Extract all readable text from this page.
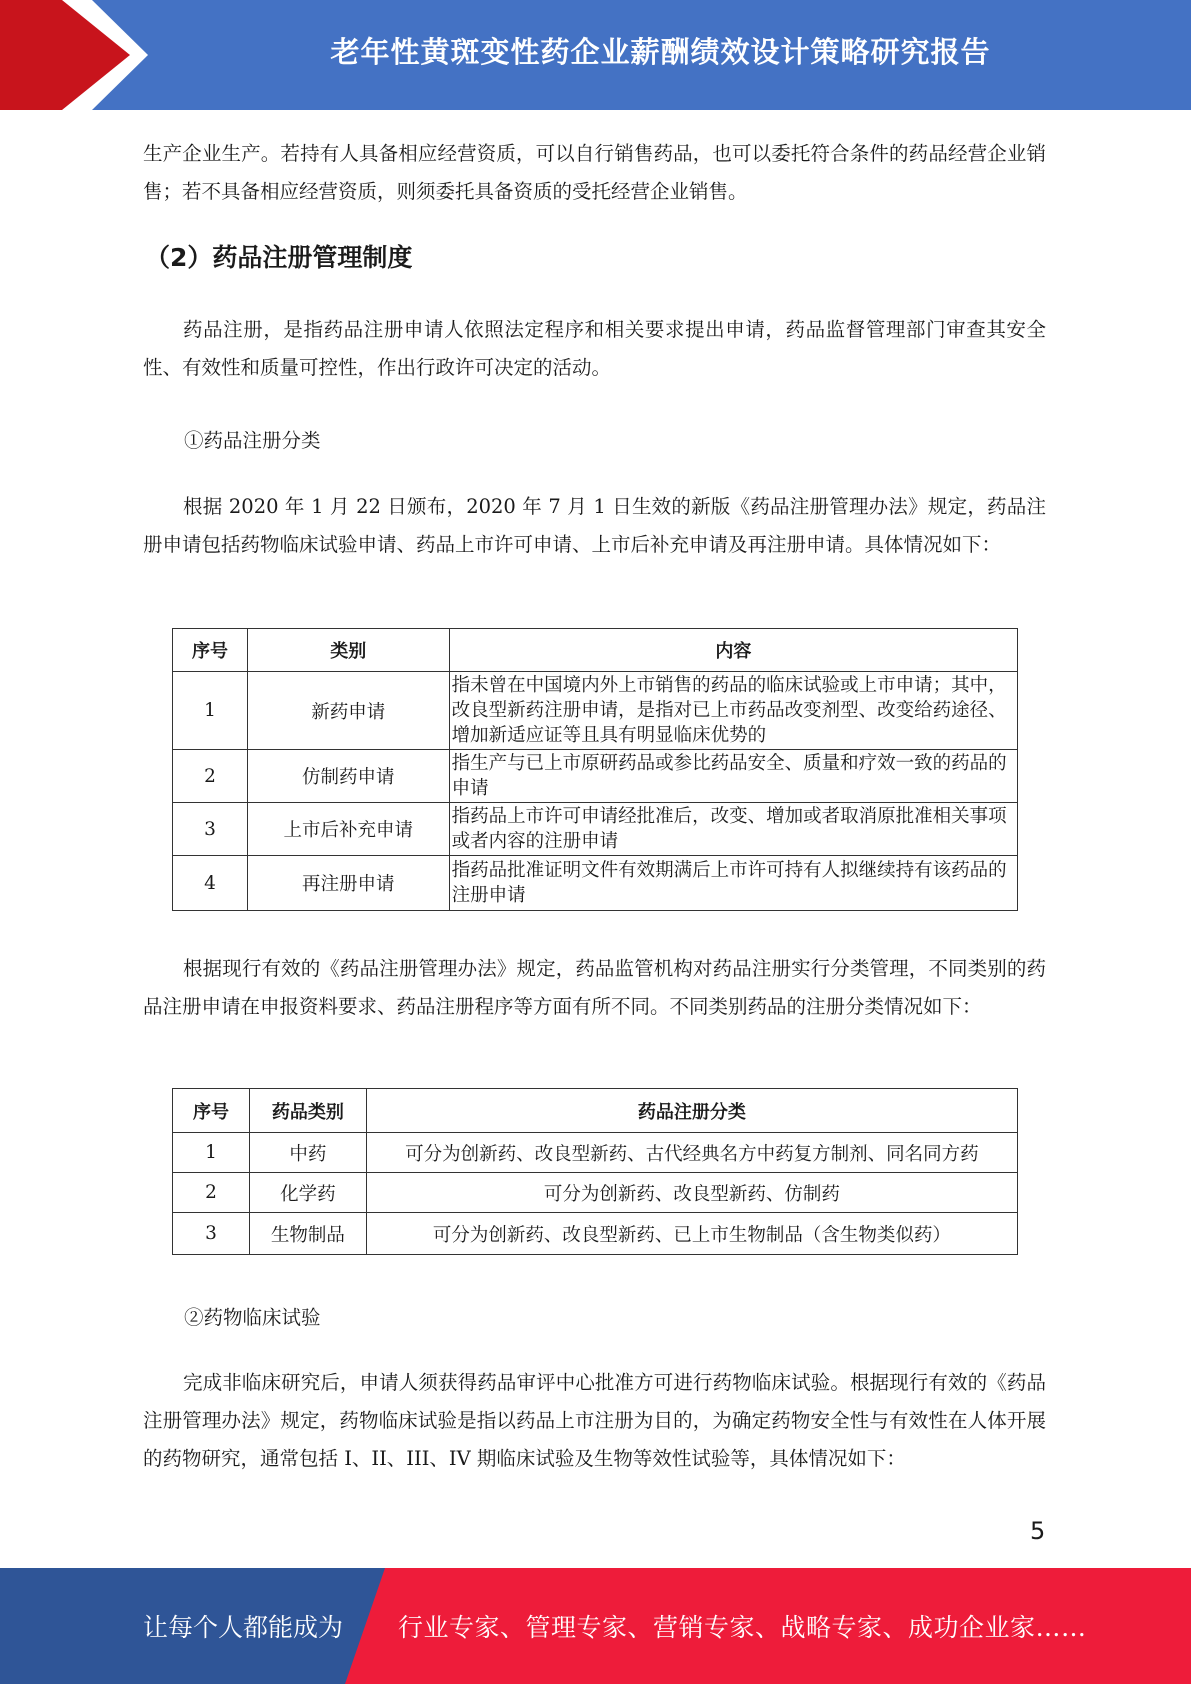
老年性黄斑变性药企业薪酬绩效设计策略研究报告

生产企业生产。若持有人具备相应经营资质，可以自行销售药品，也可以委托符合条件的药品经营企业销售；若不具备相应经营资质，则须委托具备资质的受托经营企业销售。

（2）药品注册管理制度

药品注册，是指药品注册申请人依照法定程序和相关要求提出申请，药品监督管理部门审查其安全性、有效性和质量可控性，作出行政许可决定的活动。

①药品注册分类

根据 2020 年 1 月 22 日颁布，2020 年 7 月 1 日生效的新版《药品注册管理办法》规定，药品注册申请包括药物临床试验申请、药品上市许可申请、上市后补充申请及再注册申请。具体情况如下：

序号	类别	内容
1	新药申请	指未曾在中国境内外上市销售的药品的临床试验或上市申请；其中，改良型新药注册申请，是指对已上市药品改变剂型、改变给药途径、增加新适应证等且具有明显临床优势的
2	仿制药申请	指生产与已上市原研药品或参比药品安全、质量和疗效一致的药品的申请
3	上市后补充申请	指药品上市许可申请经批准后，改变、增加或者取消原批准相关事项或者内容的注册申请
4	再注册申请	指药品批准证明文件有效期满后上市许可持有人拟继续持有该药品的注册申请

根据现行有效的《药品注册管理办法》规定，药品监管机构对药品注册实行分类管理，不同类别的药品注册申请在申报资料要求、药品注册程序等方面有所不同。不同类别药品的注册分类情况如下：

序号	药品类别	药品注册分类
1	中药	可分为创新药、改良型新药、古代经典名方中药复方制剂、同名同方药
2	化学药	可分为创新药、改良型新药、仿制药
3	生物制品	可分为创新药、改良型新药、已上市生物制品（含生物类似药）

②药物临床试验

完成非临床研究后，申请人须获得药品审评中心批准方可进行药物临床试验。根据现行有效的《药品注册管理办法》规定，药物临床试验是指以药品上市注册为目的，为确定药物安全性与有效性在人体开展的药物研究，通常包括 I、II、III、IV 期临床试验及生物等效性试验等，具体情况如下：

5
让每个人都能成为 行业专家、管理专家、营销专家、战略专家、成功企业家……
